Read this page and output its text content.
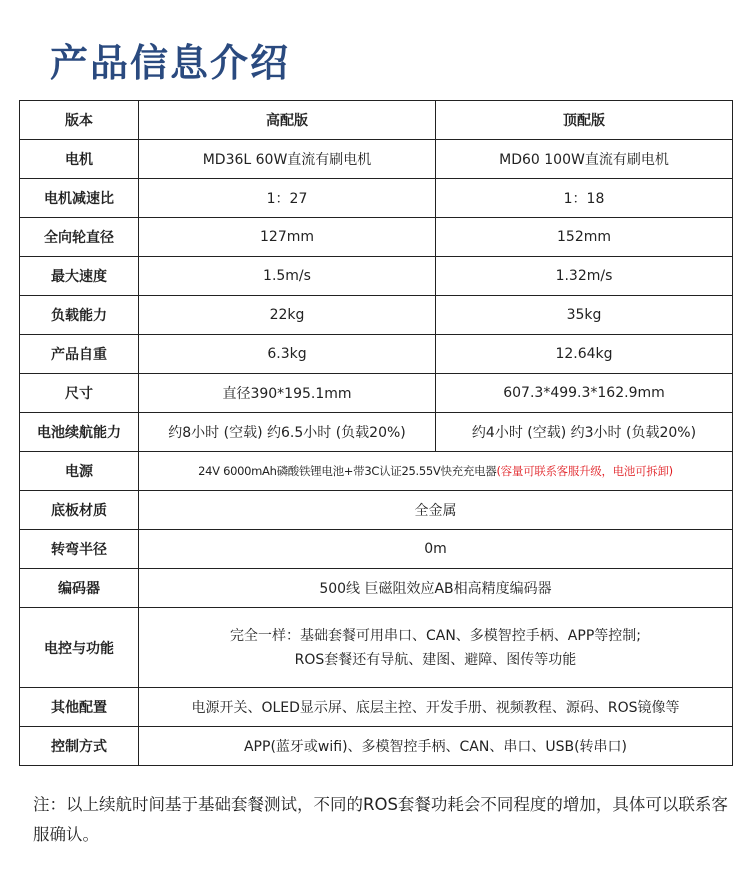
产品信息介绍
版本	高配版	顶配版
电机	MD36L 60W直流有刷电机	MD60 100W直流有刷电机
电机减速比	1：27	1：18
全向轮直径	127mm	152mm
最大速度	1.5m/s	1.32m/s
负载能力	22kg	35kg
产品自重	6.3kg	12.64kg
尺寸	直径390*195.1mm	607.3*499.3*162.9mm
电池续航能力	约8小时 (空载) 约6.5小时 (负载20%)	约4小时 (空载) 约3小时 (负载20%)
电源	24V 6000mAh磷酸铁锂电池+带3C认证25.55V快充充电器(容量可联系客服升级，电池可拆卸)	
底板材质	全金属	
转弯半径	0m	
编码器	500线 巨磁阻效应AB相高精度编码器	
电控与功能	完全一样：基础套餐可用串口、CAN、多模智控手柄、APP等控制;
ROS套餐还有导航、建图、避障、图传等功能	

其他配置	电源开关、OLED显示屏、底层主控、开发手册、视频教程、源码、ROS镜像等	
控制方式	APP(蓝牙或wifi)、多模智控手柄、CAN、串口、USB(转串口)	

注：以上续航时间基于基础套餐测试，不同的ROS套餐功耗会不同程度的增加，具体可以联系客服确认。
